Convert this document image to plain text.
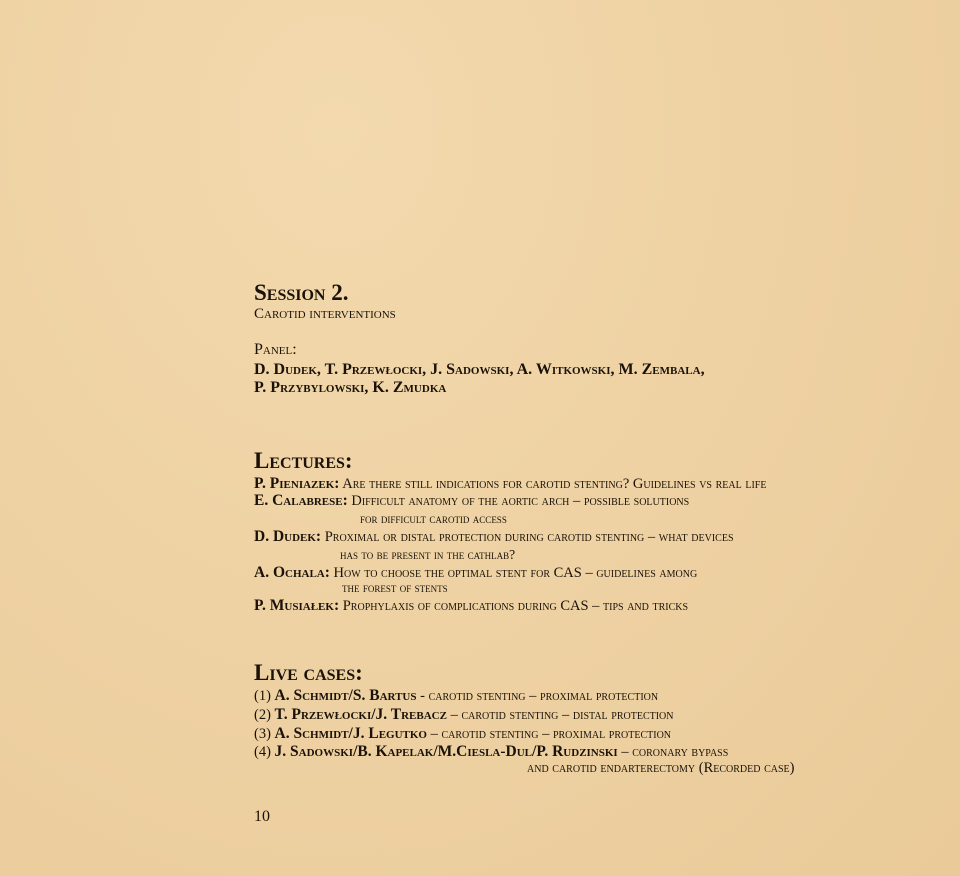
Session 2.
Carotid interventions
Panel:
D. Dudek, T. Przewłocki, J. Sadowski, A. Witkowski, M. Zembala,
P. Przybylowski, K. Zmudka
Lectures:
P. Pieniazek: Are there still indications for carotid stenting? Guidelines vs real life
E. Calabrese: Difficult anatomy of the aortic arch – possible solutions
for difficult carotid access
D. Dudek: Proximal or distal protection during carotid stenting – what devices
has to be present in the cathlab?
A. Ochala: How to choose the optimal stent for CAS – guidelines among
the forest of stents
P. Musiałek: Prophylaxis of complications during CAS – tips and tricks
Live cases:
(1) A. Schmidt/S. Bartus - carotid stenting – proximal protection
(2) T. Przewłocki/J. Trebacz – carotid stenting – distal protection
(3) A. Schmidt/J. Legutko – carotid stenting – proximal protection
(4) J. Sadowski/B. Kapelak/M.Ciesla-Dul/P. Rudzinski – coronary bypass
and carotid endarterectomy (Recorded case)
10
